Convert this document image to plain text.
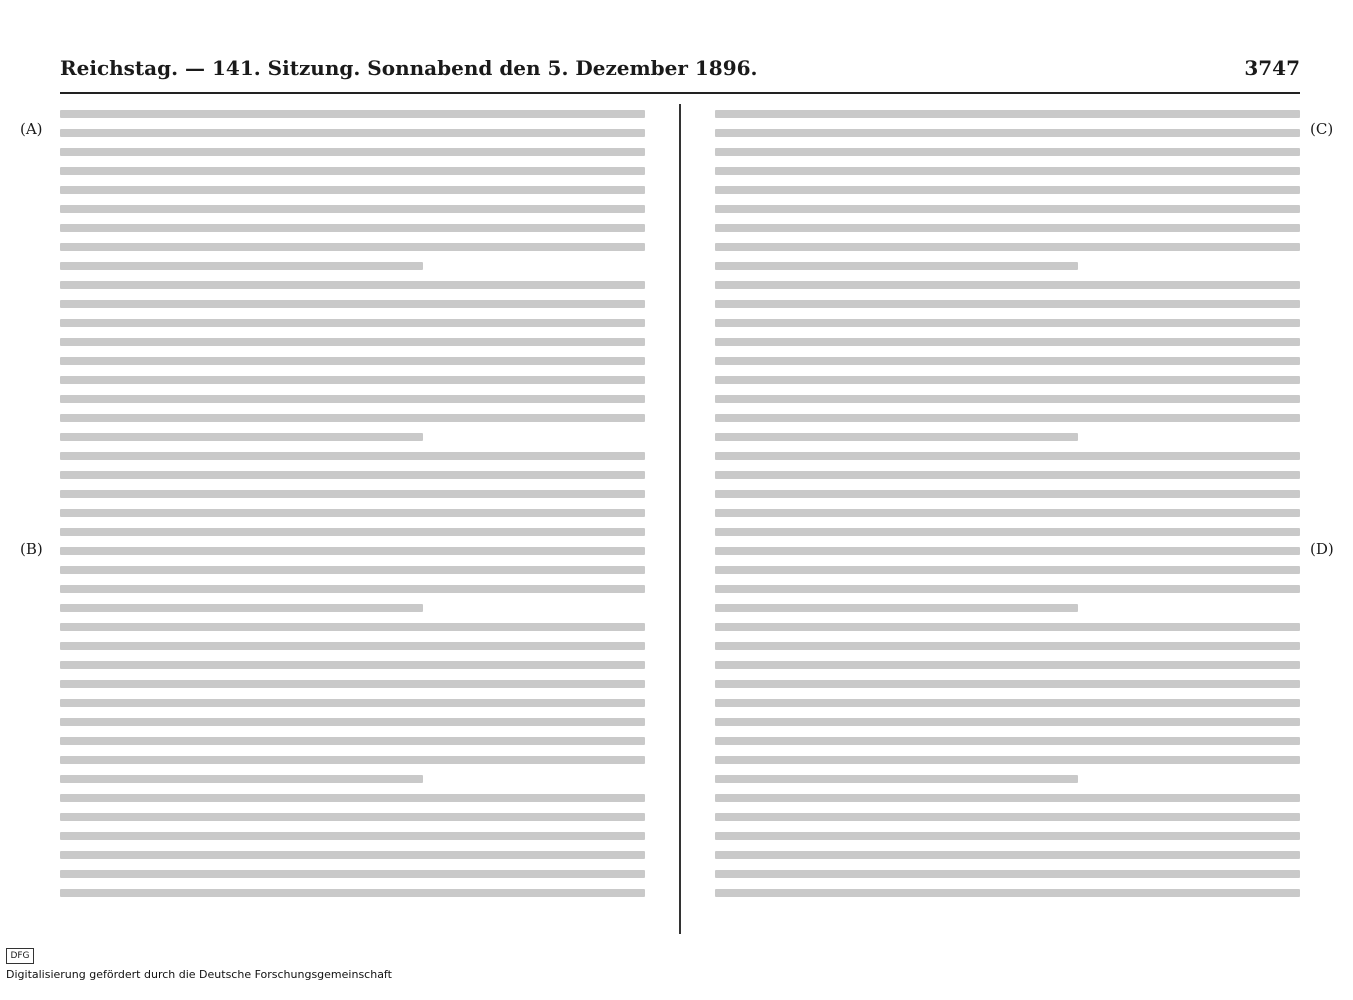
Reichstag. — 141. Sitzung. Sonnabend den 5. Dezember 1896.	3747
(A)
(B)
(C)
(D)
DFG
Digitalisierung gefördert durch die Deutsche Forschungsgemeinschaft
